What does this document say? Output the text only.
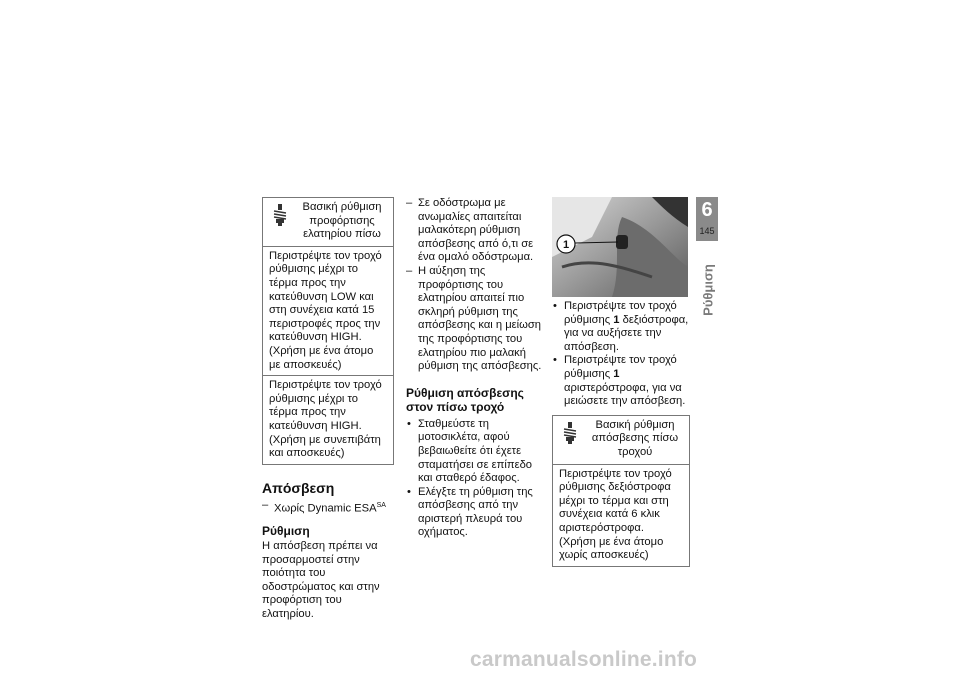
Βασική ρύθμιση προφόρτισης ελατηρίου πίσω
Περιστρέψτε τον τροχό ρύθμισης μέχρι το τέρμα προς την κατεύθυνση LOW και στη συνέχεια κατά 15 περιστροφές προς την κατεύθυνση HIGH. (Χρήση με ένα άτομο με αποσκευές)
Περιστρέψτε τον τροχό ρύθμισης μέχρι το τέρμα προς την κατεύθυνση HIGH. (Χρήση με συνεπιβάτη και αποσκευές)
Απόσβεση
– Χωρίς Dynamic $ESA^{SA}$
Ρύθμιση

Η απόσβεση πρέπει να προσαρμοστεί στην ποιότητα του οδοστρώματος και στην προφόρτιση του ελατηρίου.

– Σε οδόστρωμα με ανωμαλίες απαιτείται μαλακότερη ρύθμιση απόσβεσης από ό,τι σε ένα ομαλό οδόστρωμα.
– Η αύξηση της προφόρτισης του ελατηρίου απαιτεί πιο σκληρή ρύθμιση της απόσβεσης και η μείωση της προφόρτισης του ελατηρίου πιο μαλακή ρύθμιση της απόσβεσης.
Ρύθμιση απόσβεσης στον πίσω τροχό
• Σταθμεύστε τη μοτοσικλέτα, αφού βεβαιωθείτε ότι έχετε σταματήσει σε επίπεδο και σταθερό έδαφος.
• Ελέγξτε τη ρύθμιση της απόσβεσης από την αριστερή πλευρά του οχήματος.
1
• Περιστρέψτε τον τροχό ρύθμισης 1 δεξιόστροφα, για να αυξήσετε την απόσβεση.
• Περιστρέψτε τον τροχό ρύθμισης 1 αριστερόστροφα, για να μειώσετε την απόσβεση.
Βασική ρύθμιση απόσβεσης πίσω τροχού
Περιστρέψτε τον τροχό ρύθμισης δεξιόστροφα μέχρι το τέρμα και στη συνέχεια κατά 6 κλικ αριστερόστροφα. (Χρήση με ένα άτομο χωρίς αποσκευές)
6
145
Ρύθμιση
carmanualsonline.info
